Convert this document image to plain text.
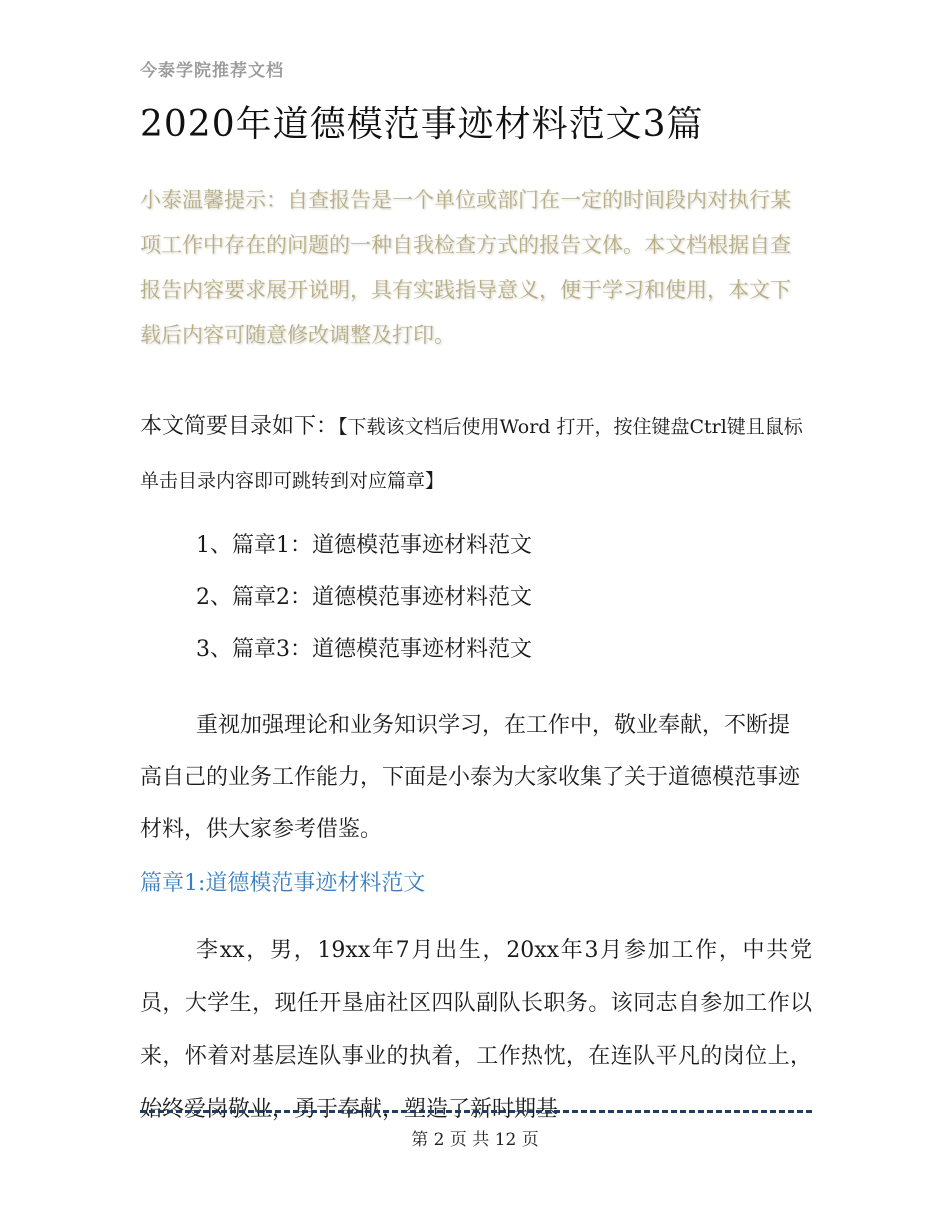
今泰学院推荐文档
2020年道德模范事迹材料范文3篇
小泰温馨提示：自查报告是一个单位或部门在一定的时间段内对执行某项工作中存在的问题的一种自我检查方式的报告文体。本文档根据自查报告内容要求展开说明，具有实践指导意义，便于学习和使用，本文下载后内容可随意修改调整及打印。
本文简要目录如下：【下载该文档后使用Word 打开，按住键盘Ctrl键且鼠标单击目录内容即可跳转到对应篇章】
1、篇章1：道德模范事迹材料范文
2、篇章2：道德模范事迹材料范文
3、篇章3：道德模范事迹材料范文
重视加强理论和业务知识学习，在工作中，敬业奉献，不断提高自己的业务工作能力，下面是小泰为大家收集了关于道德模范事迹材料，供大家参考借鉴。
篇章1:道德模范事迹材料范文
李xx，男，19xx年7月出生，20xx年3月参加工作，中共党员，大学生，现任开垦庙社区四队副队长职务。该同志自参加工作以来，怀着对基层连队事业的执着，工作热忱，在连队平凡的岗位上，始终爱岗敬业，勇于奉献，塑造了新时期基
第 2 页 共 12 页
